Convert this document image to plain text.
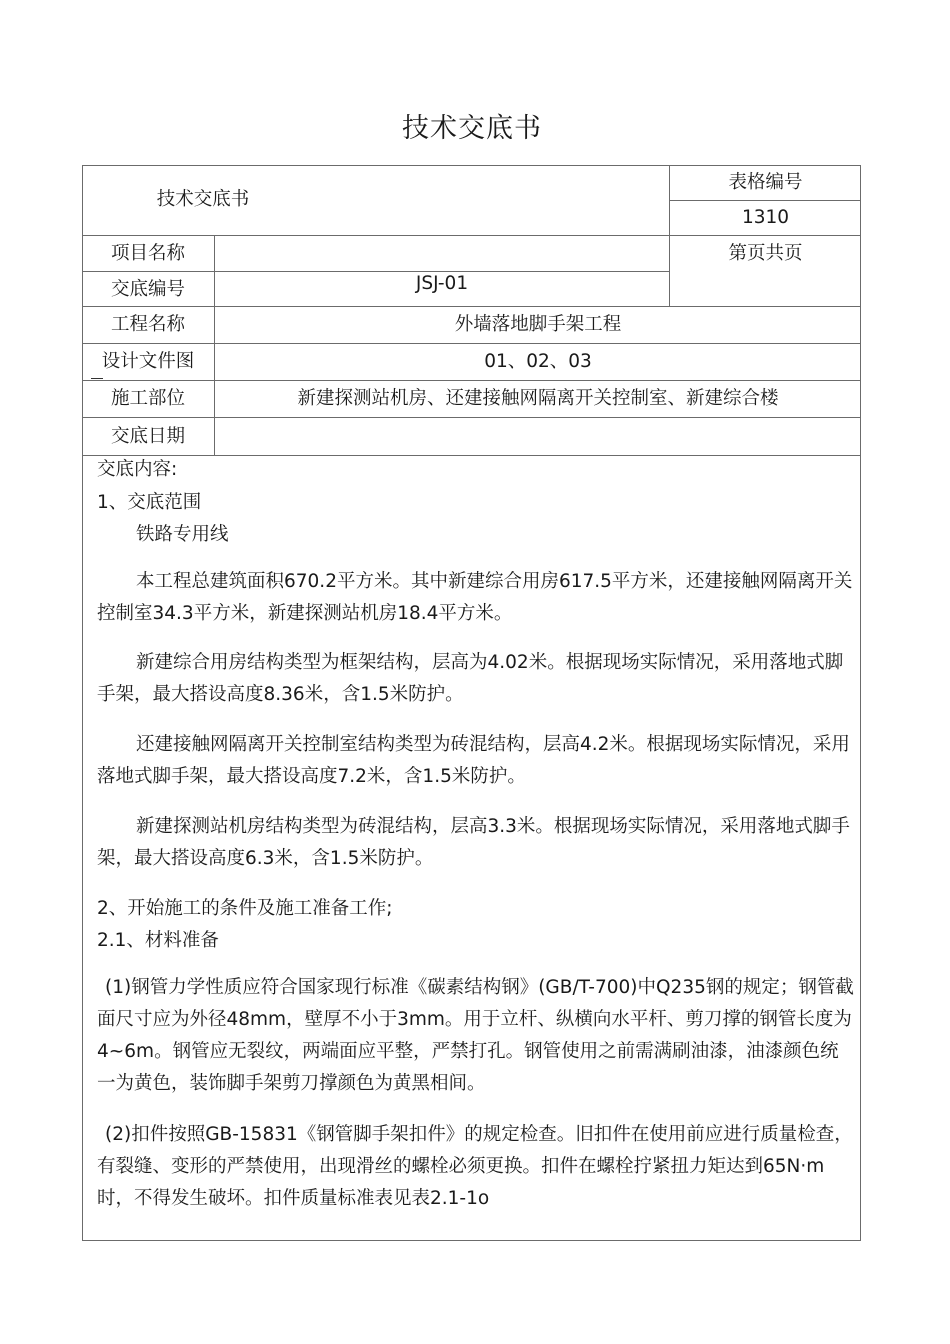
技术交底书
技术交底书
表格编号
1310
第页共页
项目名称
交底编号
工程名称
设计文件图
施工部位
交底日期
JSJ-01
外墙落地脚手架工程
01、02、03
新建探测站机房、还建接触网隔离开关控制室、新建综合楼

交底内容:

1、交底范围

铁路专用线

本工程总建筑面积670.2平方米。其中新建综合用房617.5平方米，还建接触网隔离开关控制室34.3平方米，新建探测站机房18.4平方米。

新建综合用房结构类型为框架结构，层高为4.02米。根据现场实际情况，采用落地式脚手架，最大搭设高度8.36米，含1.5米防护。

还建接触网隔离开关控制室结构类型为砖混结构，层高4.2米。根据现场实际情况，采用落地式脚手架，最大搭设高度7.2米，含1.5米防护。

新建探测站机房结构类型为砖混结构，层高3.3米。根据现场实际情况，采用落地式脚手架，最大搭设高度6.3米，含1.5米防护。

2、开始施工的条件及施工准备工作;

2.1、材料准备

(1)钢管力学性质应符合国家现行标准《碳素结构钢》(GB/T-700)中Q235钢的规定；钢管截面尺寸应为外径48mm，壁厚不小于3mm。用于立杆、纵横向水平杆、剪刀撑的钢管长度为4~6m。钢管应无裂纹，两端面应平整，严禁打孔。钢管使用之前需满刷油漆，油漆颜色统一为黄色，装饰脚手架剪刀撑颜色为黄黑相间。

(2)扣件按照GB-15831《钢管脚手架扣件》的规定检查。旧扣件在使用前应进行质量检查，有裂缝、变形的严禁使用，出现滑丝的螺栓必须更换。扣件在螺栓拧紧扭力矩达到65N·m时，不得发生破坏。扣件质量标准表见表2.1-1o
